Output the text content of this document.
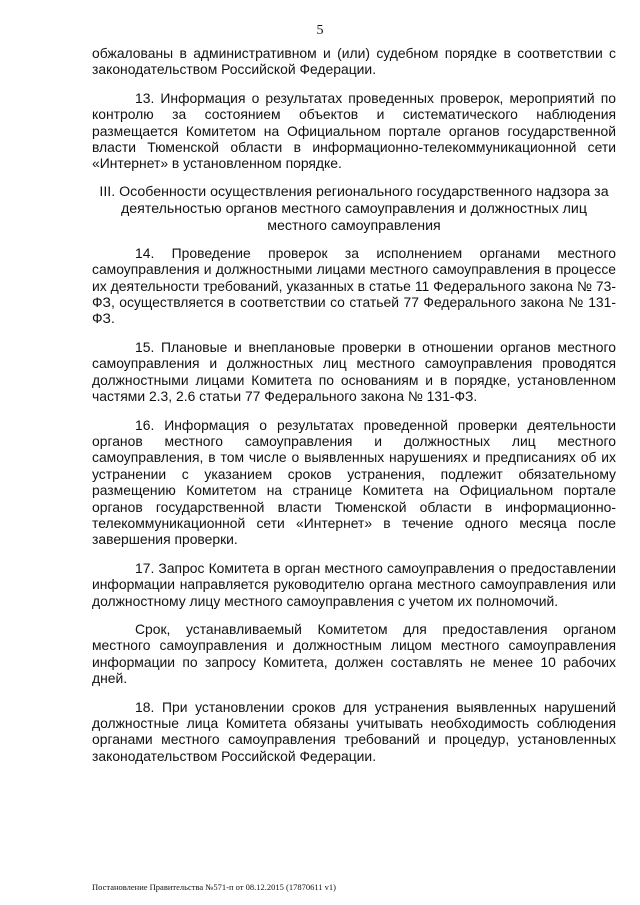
5

обжалованы в административном и (или) судебном порядке в соответствии с законодательством Российской Федерации.

13. Информация о результатах проведенных проверок, мероприятий по контролю за состоянием объектов и систематического наблюдения размещается Комитетом на Официальном портале органов государственной власти Тюменской области в информационно-телекоммуникационной сети «Интернет» в установленном порядке.

III. Особенности осуществления регионального государственного надзора за деятельностью органов местного самоуправления и должностных лиц местного самоуправления

14. Проведение проверок за исполнением органами местного самоуправления и должностными лицами местного самоуправления в процессе их деятельности требований, указанных в статье 11 Федерального закона № 73-ФЗ, осуществляется в соответствии со статьей 77 Федерального закона № 131-ФЗ.

15. Плановые и внеплановые проверки в отношении органов местного самоуправления и должностных лиц местного самоуправления проводятся должностными лицами Комитета по основаниям и в порядке, установленном частями 2.3, 2.6 статьи 77 Федерального закона № 131-ФЗ.

16. Информация о результатах проведенной проверки деятельности органов местного самоуправления и должностных лиц местного самоуправления, в том числе о выявленных нарушениях и предписаниях об их устранении с указанием сроков устранения, подлежит обязательному размещению Комитетом на странице Комитета на Официальном портале органов государственной власти Тюменской области в информационно-телекоммуникационной сети «Интернет» в течение одного месяца после завершения проверки.

17. Запрос Комитета в орган местного самоуправления о предоставлении информации направляется руководителю органа местного самоуправления или должностному лицу местного самоуправления с учетом их полномочий.

Срок, устанавливаемый Комитетом для предоставления органом местного самоуправления и должностным лицом местного самоуправления информации по запросу Комитета, должен составлять не менее 10 рабочих дней.

18. При установлении сроков для устранения выявленных нарушений должностные лица Комитета обязаны учитывать необходимость соблюдения органами местного самоуправления требований и процедур, установленных законодательством Российской Федерации.

Постановление Правительства №571-п от 08.12.2015 (17870611 v1)
